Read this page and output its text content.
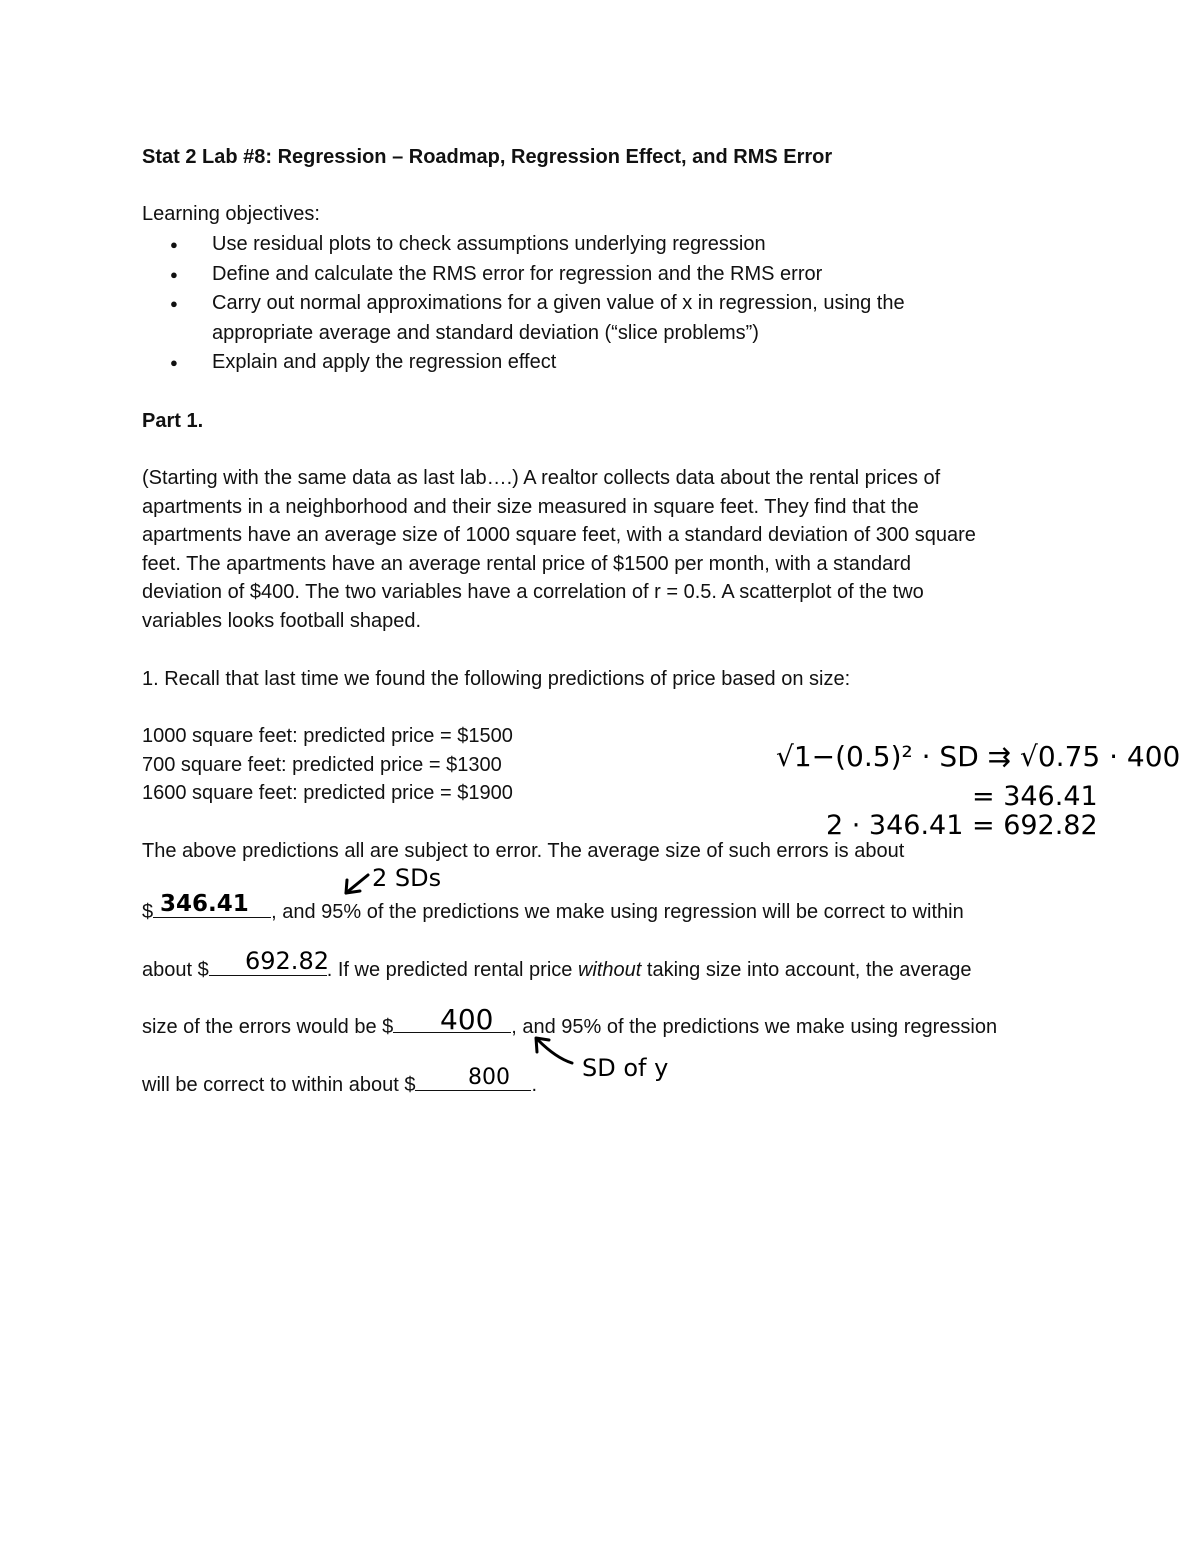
Stat 2 Lab #8: Regression – Roadmap, Regression Effect, and RMS Error
Learning objectives:
● Use residual plots to check assumptions underlying regression
● Define and calculate the RMS error for regression and the RMS error
● Carry out normal approximations for a given value of x in regression, using the
appropriate average and standard deviation (“slice problems”)
● Explain and apply the regression effect
Part 1.
(Starting with the same data as last lab….) A realtor collects data about the rental prices of
apartments in a neighborhood and their size measured in square feet. They find that the
apartments have an average size of 1000 square feet, with a standard deviation of 300 square
feet. The apartments have an average rental price of $1500 per month, with a standard
deviation of $400. The two variables have a correlation of r = 0.5. A scatterplot of the two
variables looks football shaped.
1. Recall that last time we found the following predictions of price based on size:
1000 square feet: predicted price = $1500
700 square feet: predicted price = $1300
1600 square feet: predicted price = $1900
The above predictions all are subject to error. The average size of such errors is about
$	, and 95% of the predictions we make using regression will be correct to within
about $	. If we predicted rental price without taking size into account, the average
size of the errors would be $	, and 95% of the predictions we make using regression
will be correct to within about $	.
346.41
692.82
400
800
2 SDs
SD of y
√1−(0.5)² · SD ⇉ √0.75 · 400
= 346.41
2 · 346.41 = 692.82
